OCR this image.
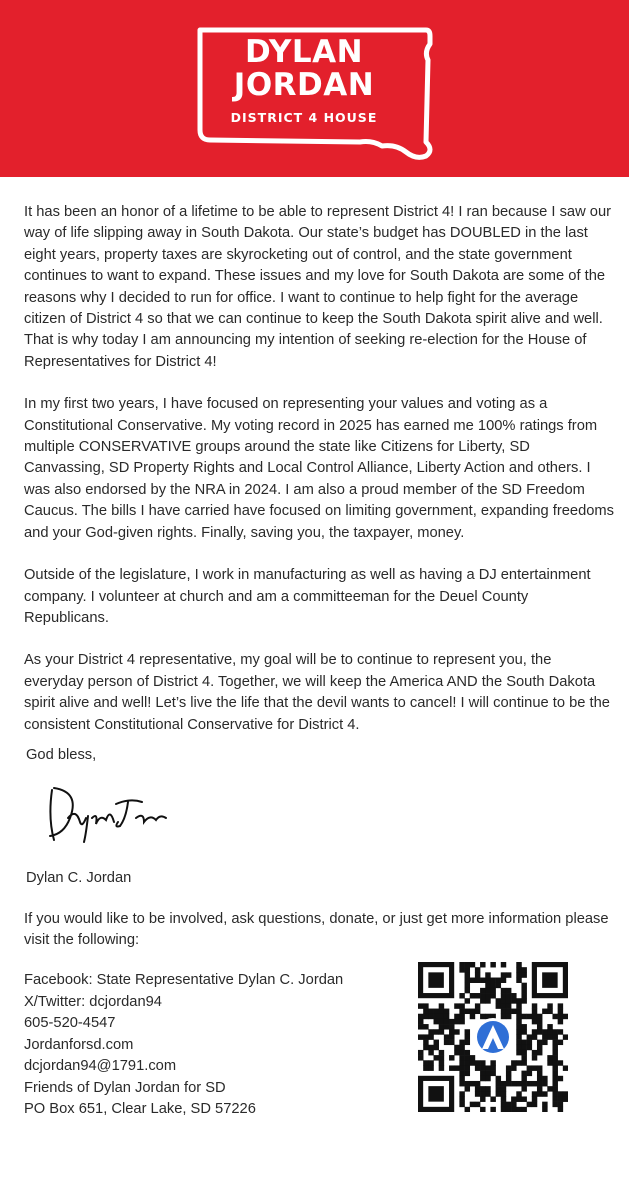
DYLAN
JORDAN
DISTRICT 4 HOUSE

It has been an honor of a lifetime to be able to represent District 4! I ran because I saw our way of life slipping away in South Dakota. Our state’s budget has DOUBLED in the last eight years, property taxes are skyrocketing out of control, and the state government continues to want to expand. These issues and my love for South Dakota are some of the reasons why I decided to run for office. I want to continue to help fight for the average citizen of District 4 so that we can continue to keep the South Dakota spirit alive and well. That is why today I am announcing my intention of seeking re-election for the House of Representatives for District 4!

In my first two years, I have focused on representing your values and voting as a Constitutional Conservative. My voting record in 2025 has earned me 100% ratings from multiple CONSERVATIVE groups around the state like Citizens for Liberty, SD Canvassing, SD Property Rights and Local Control Alliance, Liberty Action and others. I was also endorsed by the NRA in 2024. I am also a proud member of the SD Freedom Caucus. The bills I have carried have focused on limiting government, expanding freedoms and your God-given rights. Finally, saving you, the taxpayer, money.

Outside of the legislature, I work in manufacturing as well as having a DJ entertainment company. I volunteer at church and am a committeeman for the Deuel County Republicans.

As your District 4 representative, my goal will be to continue to represent you, the everyday person of District 4. Together, we will keep the America AND the South Dakota spirit alive and well! Let’s live the life that the devil wants to cancel! I will continue to be the consistent Constitutional Conservative for District 4.

God bless,
Dylan C. Jordan
If you would like to be involved, ask questions, donate, or just get more information please visit the following:
Facebook: State Representative Dylan C. Jordan
X/Twitter: dcjordan94
605-520-4547
Jordanforsd.com
dcjordan94@1791.com
Friends of Dylan Jordan for SD
PO Box 651, Clear Lake, SD 57226
